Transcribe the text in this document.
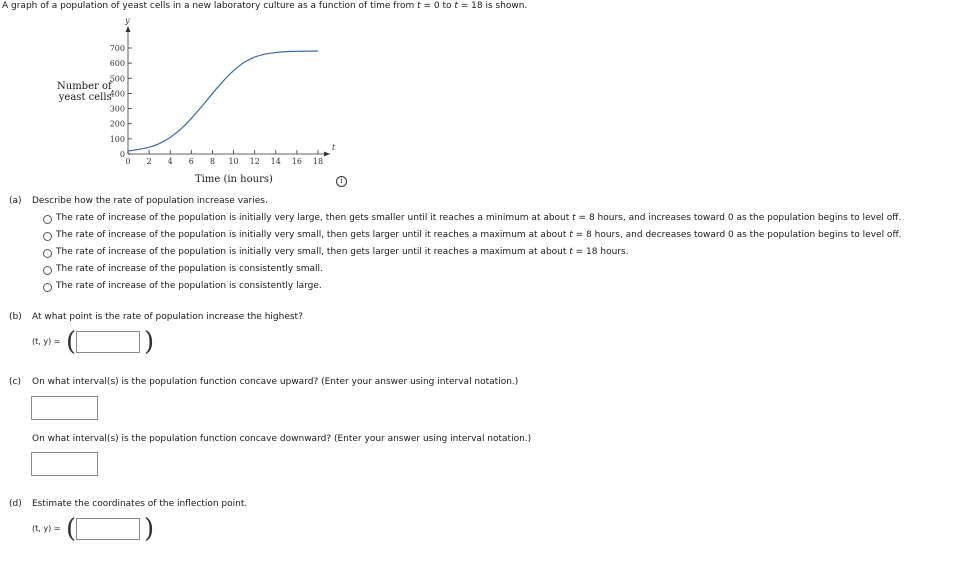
A graph of a population of yeast cells in a new laboratory culture as a function of time from t = 0 to t = 18 is shown.
Number of
yeast cells
y
t
0
100
200
300
400
500
600
700
0 2 4 6 8 10 12 14 16 18
Time (in hours)	i
(a) Describe how the rate of population increase varies.
The rate of increase of the population is initially very large, then gets smaller until it reaches a minimum at about t = 8 hours, and increases toward 0 as the population begins to level off.
The rate of increase of the population is initially very small, then gets larger until it reaches a maximum at about t = 8 hours, and decreases toward 0 as the population begins to level off.
The rate of increase of the population is initially very small, then gets larger until it reaches a maximum at about t = 18 hours.
The rate of increase of the population is consistently small.
The rate of increase of the population is consistently large.
(b) At what point is the rate of population increase the highest?
(t, y) = (	)
(c) On what interval(s) is the population function concave upward? (Enter your answer using interval notation.)
On what interval(s) is the population function concave downward? (Enter your answer using interval notation.)
(d) Estimate the coordinates of the inflection point.
(t, y) = (	)
